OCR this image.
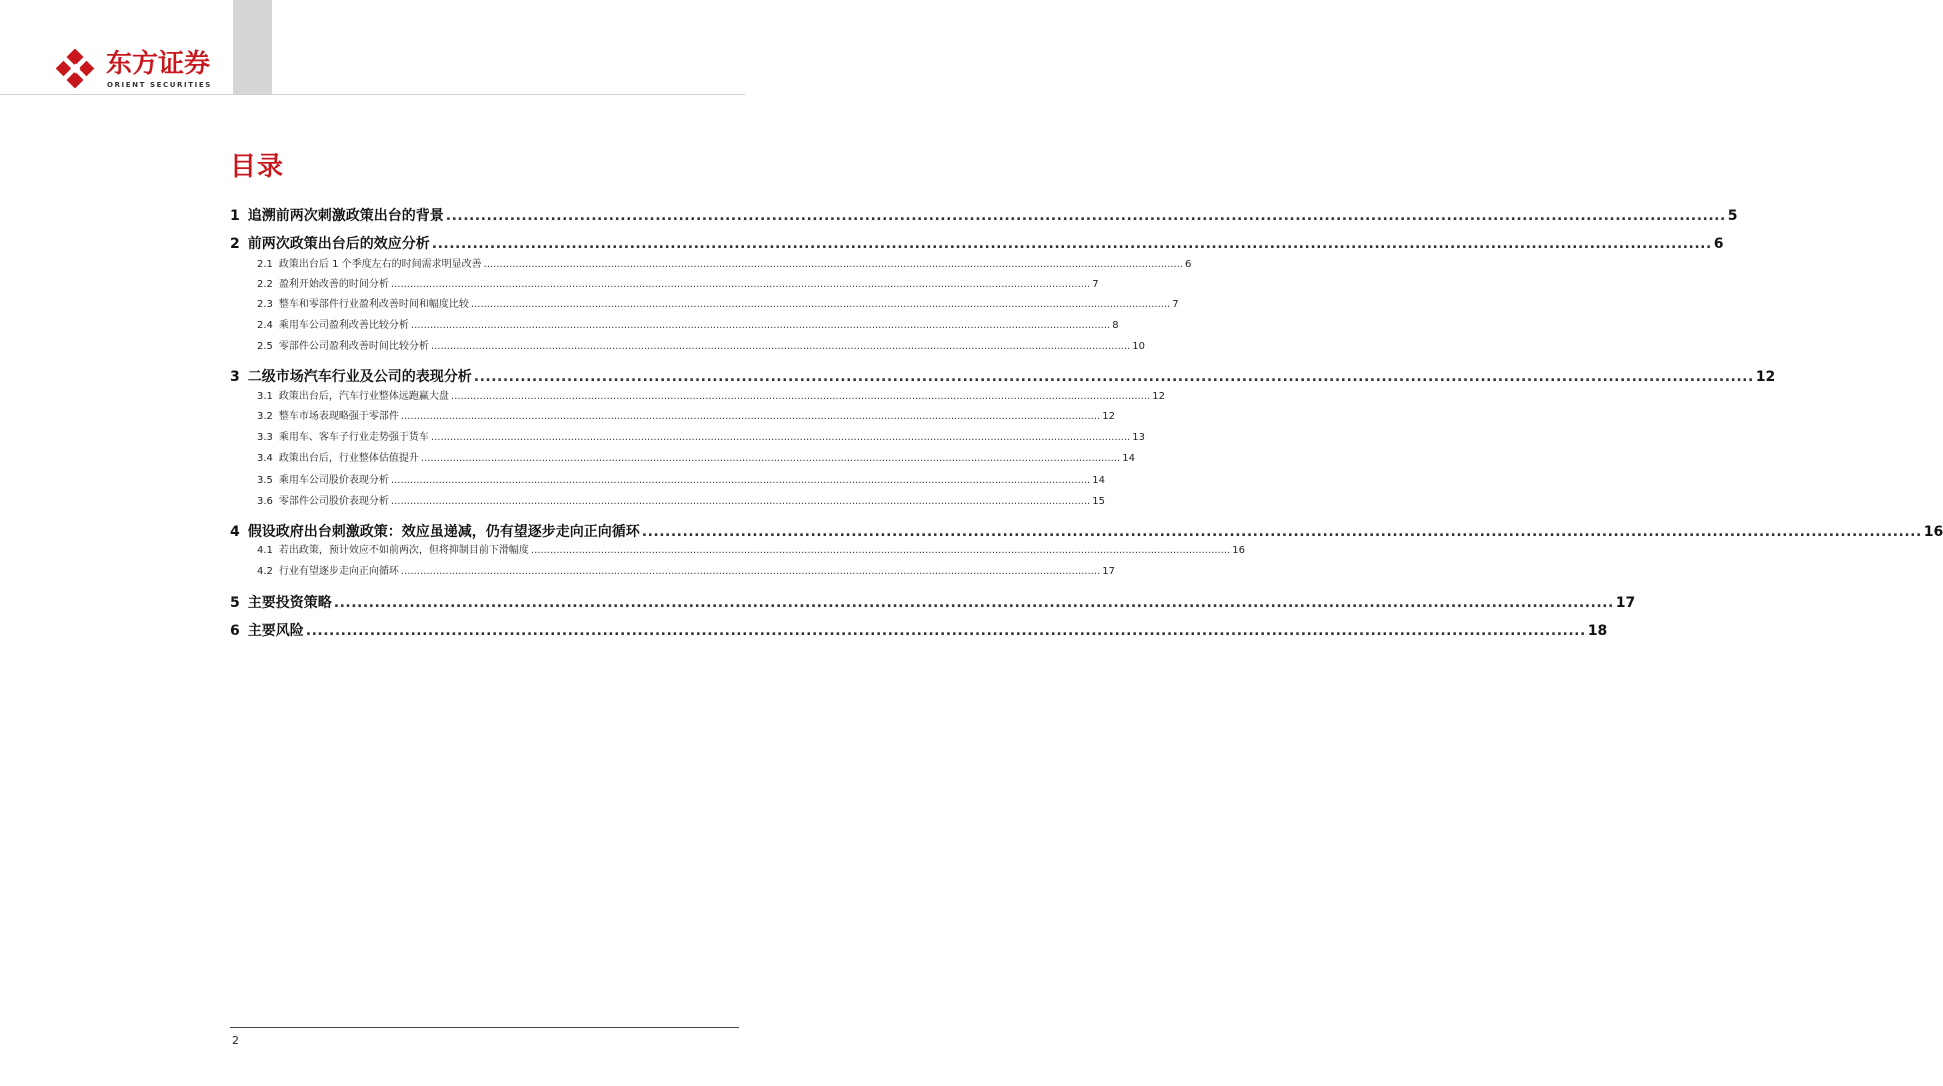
东方证券
ORIENT SECURITIES
目录
1 追溯前两次刺激政策出台的背景 ............................................................................................................................................................................................................................ 5
2 前两次政策出台后的效应分析 ............................................................................................................................................................................................................................ 6
2.1 政策出台后 1 个季度左右的时间需求明显改善 ............................................................................................................................................................................................................................ 6
2.2 盈利开始改善的时间分析 ............................................................................................................................................................................................................................ 7
2.3 整车和零部件行业盈利改善时间和幅度比较 ............................................................................................................................................................................................................................ 7
2.4 乘用车公司盈利改善比较分析 ............................................................................................................................................................................................................................ 8
2.5 零部件公司盈利改善时间比较分析 ............................................................................................................................................................................................................................ 10
3 二级市场汽车行业及公司的表现分析 ............................................................................................................................................................................................................................ 12
3.1 政策出台后，汽车行业整体远跑赢大盘 ............................................................................................................................................................................................................................ 12
3.2 整车市场表现略强于零部件 ............................................................................................................................................................................................................................ 12
3.3 乘用车、客车子行业走势强于货车 ............................................................................................................................................................................................................................ 13
3.4 政策出台后，行业整体估值提升 ............................................................................................................................................................................................................................ 14
3.5 乘用车公司股价表现分析 ............................................................................................................................................................................................................................ 14
3.6 零部件公司股价表现分析 ............................................................................................................................................................................................................................ 15
4 假设政府出台刺激政策：效应虽递减，仍有望逐步走向正向循环 ............................................................................................................................................................................................................................ 16
4.1 若出政策，预计效应不如前两次，但将抑制目前下滑幅度 ............................................................................................................................................................................................................................ 16
4.2 行业有望逐步走向正向循环 ............................................................................................................................................................................................................................ 17
5 主要投资策略 ............................................................................................................................................................................................................................ 17
6 主要风险 ............................................................................................................................................................................................................................ 18
2
